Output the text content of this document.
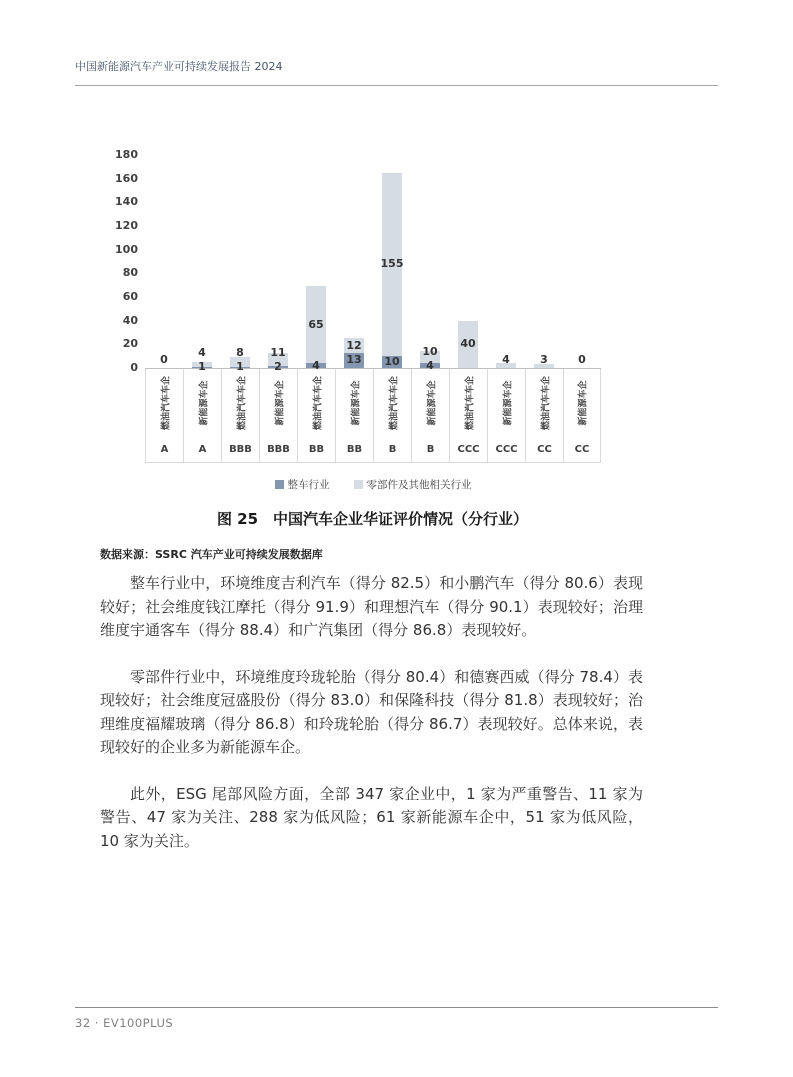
中国新能源汽车产业可持续发展报告 2024
0
1
4
1
8
2
11
4
65
13
12
10
155
4
10
40
4	3	0
燃油汽车车企	新能源车企	燃油汽车车企	新能源车企	燃油汽车车企	新能源车企	燃油汽车车企	新能源车企	燃油汽车车企	新能源车企	燃油汽车车企	新能源车企
A	A	BBB	BBB	BB	BB	B	B	CCC	CCC	CC	CC
整车行业	零部件及其他相关行业
0
20
40
60
80
100
120
140
160
180
图 25　中国汽车企业华证评价情况（分行业）
数据来源：SSRC 汽车产业可持续发展数据库

整车行业中，环境维度吉利汽车（得分 82.5）和小鹏汽车（得分 80.6）表现较好；社会维度钱江摩托（得分 91.9）和理想汽车（得分 90.1）表现较好；治理维度宇通客车（得分 88.4）和广汽集团（得分 86.8）表现较好。

零部件行业中，环境维度玲珑轮胎（得分 80.4）和德赛西威（得分 78.4）表现较好；社会维度冠盛股份（得分 83.0）和保隆科技（得分 81.8）表现较好；治理维度福耀玻璃（得分 86.8）和玲珑轮胎（得分 86.7）表现较好。总体来说，表现较好的企业多为新能源车企。

此外，ESG 尾部风险方面，全部 347 家企业中，1 家为严重警告、11 家为警告、47 家为关注、288 家为低风险；61 家新能源车企中，51 家为低风险，10 家为关注。

32 · EV100PLUS
